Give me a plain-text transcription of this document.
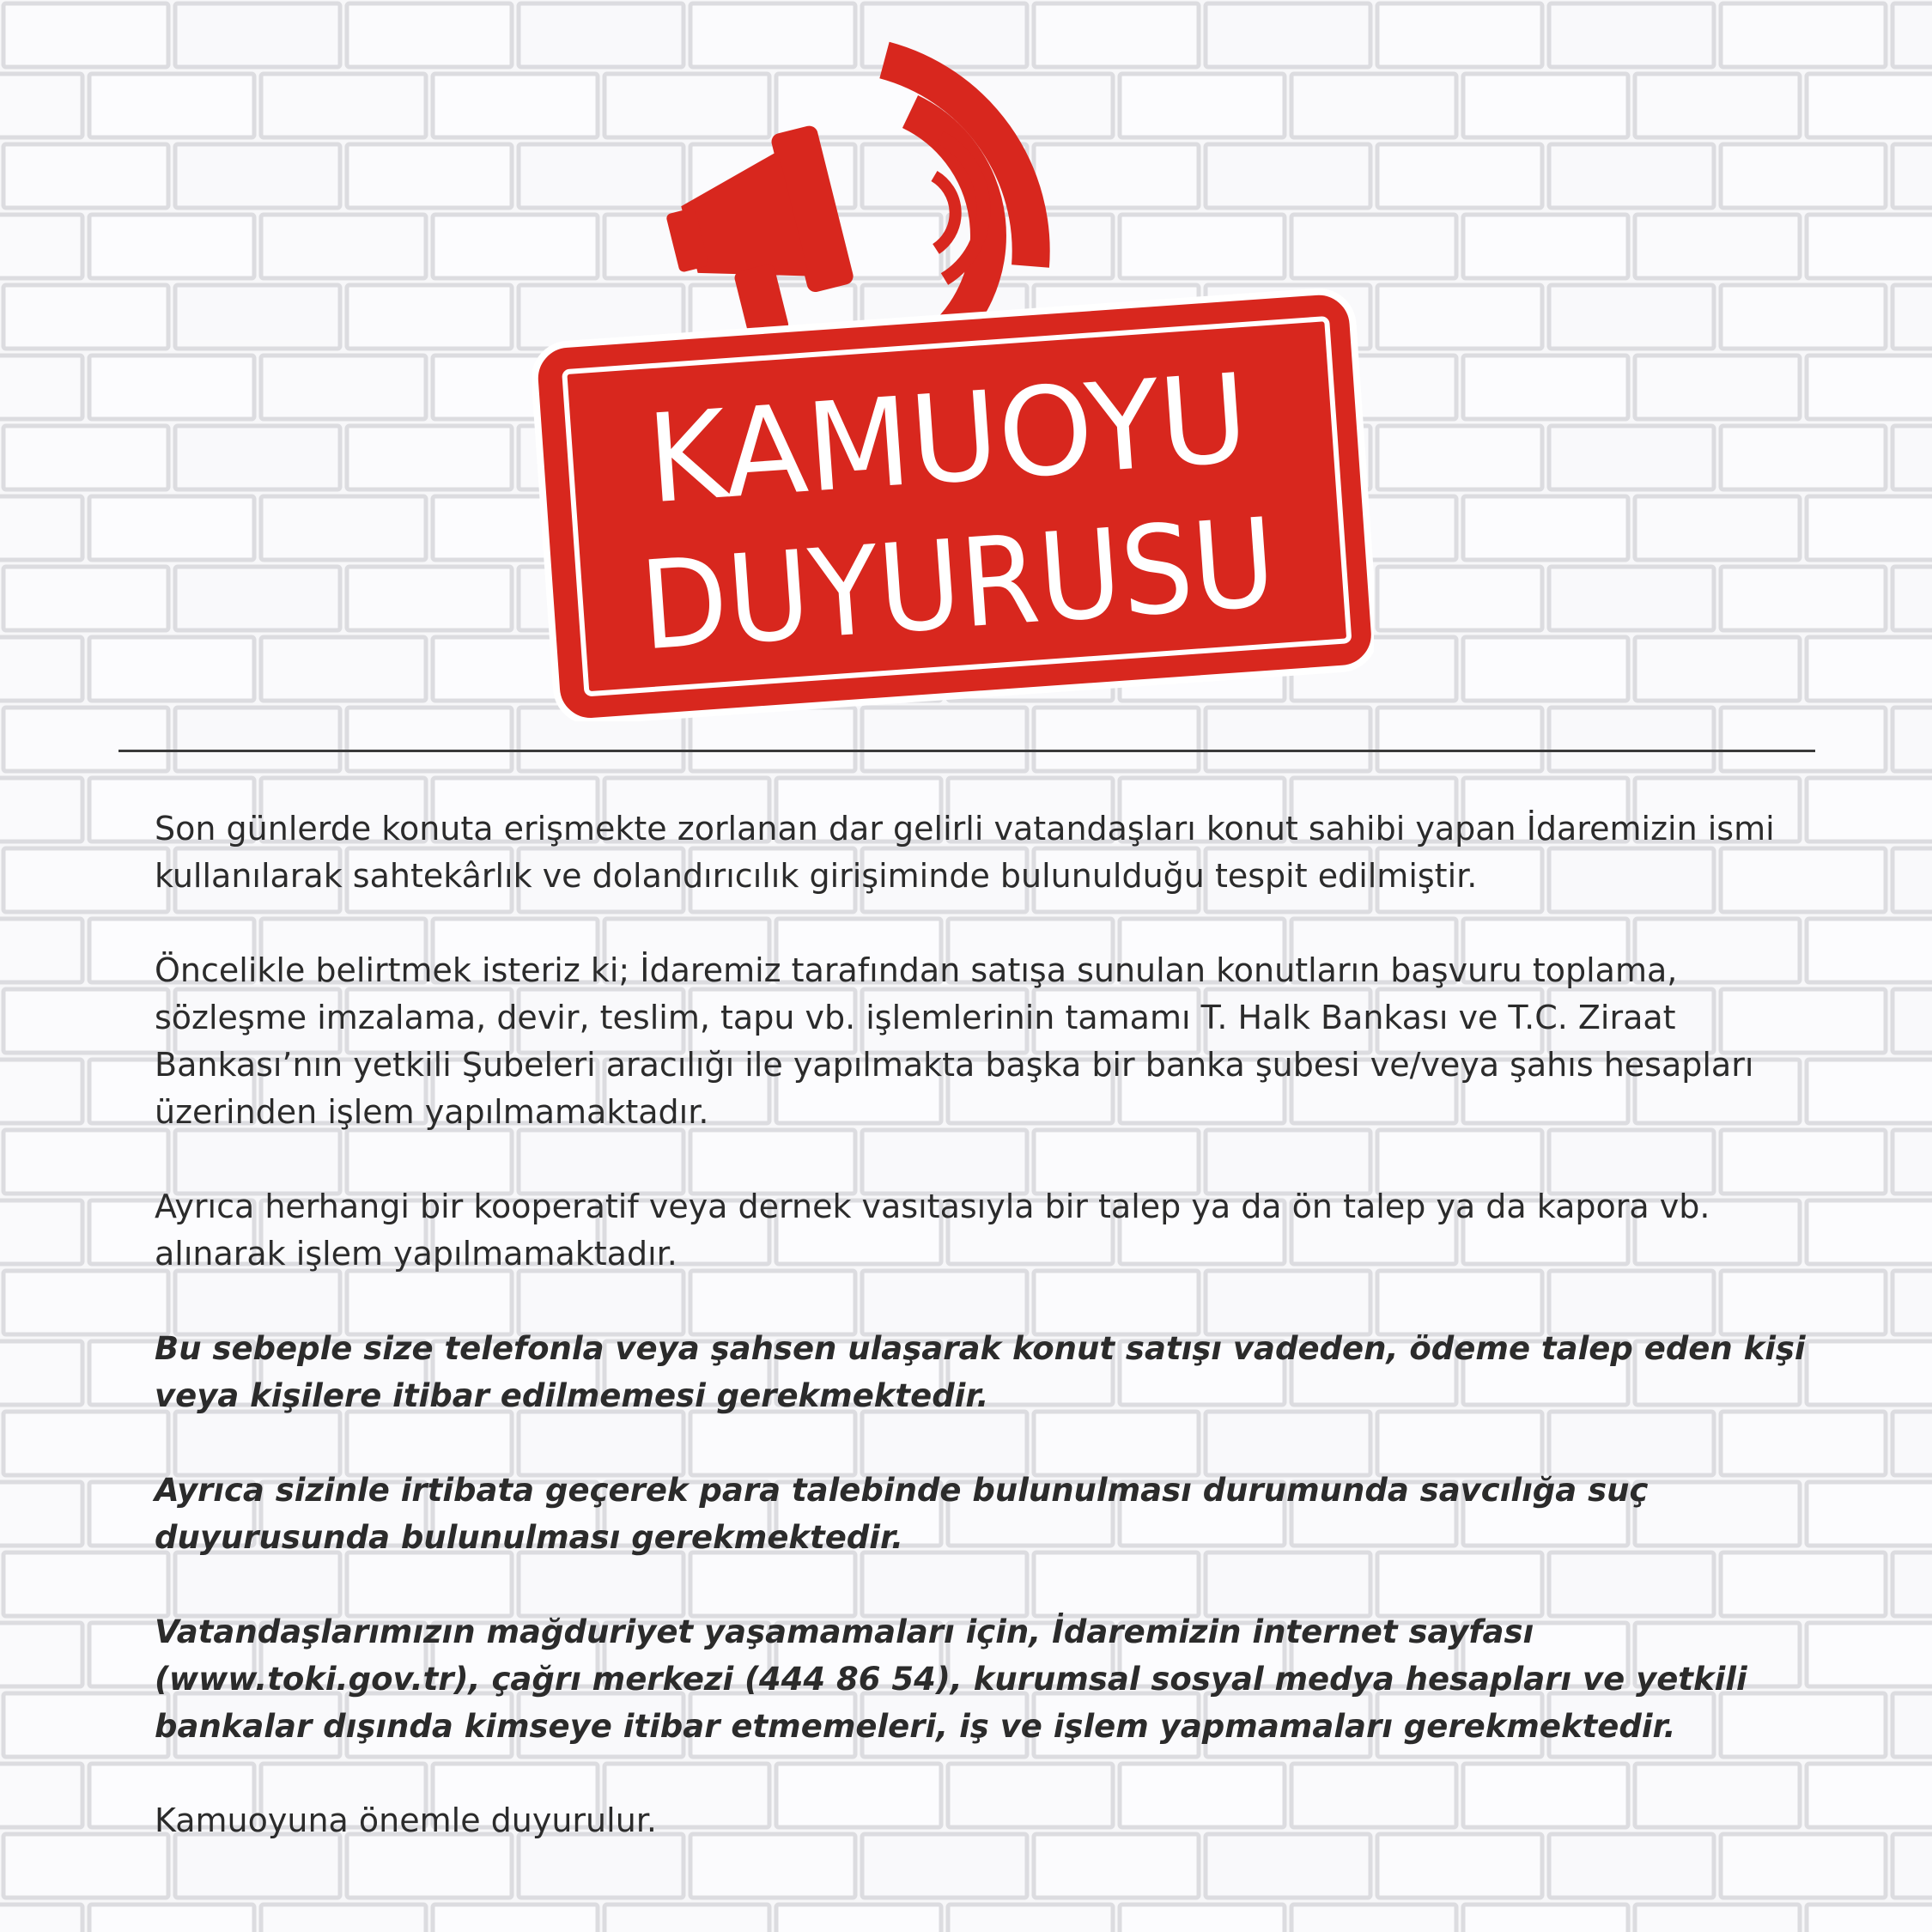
KAMUOYU
DUYURUSU

Son günlerde konuta erişmekte zorlanan dar gelirli vatandaşları konut sahibi yapan İdaremizin ismi kullanılarak sahtekârlık ve dolandırıcılık girişiminde bulunulduğu tespit edilmiştir.

Öncelikle belirtmek isteriz ki; İdaremiz tarafından satışa sunulan konutların başvuru toplama, sözleşme imzalama, devir, teslim, tapu vb. işlemlerinin tamamı T. Halk Bankası ve T.C. Ziraat Bankası’nın yetkili Şubeleri aracılığı ile yapılmakta başka bir banka şubesi ve/veya şahıs hesapları üzerinden işlem yapılmamaktadır.

Ayrıca herhangi bir kooperatif veya dernek vasıtasıyla bir talep ya da ön talep ya da kapora vb. alınarak işlem yapılmamaktadır.

Bu sebeple size telefonla veya şahsen ulaşarak konut satışı vadeden, ödeme talep eden kişi veya kişilere itibar edilmemesi gerekmektedir.

Ayrıca sizinle irtibata geçerek para talebinde bulunulması durumunda savcılığa suç duyurusunda bulunulması gerekmektedir.

Vatandaşlarımızın mağduriyet yaşamamaları için, İdaremizin internet sayfası (www.toki.gov.tr), çağrı merkezi (444 86 54), kurumsal sosyal medya hesapları ve yetkili bankalar dışında kimseye itibar etmemeleri, iş ve işlem yapmamaları gerekmektedir.

Kamuoyuna önemle duyurulur.
